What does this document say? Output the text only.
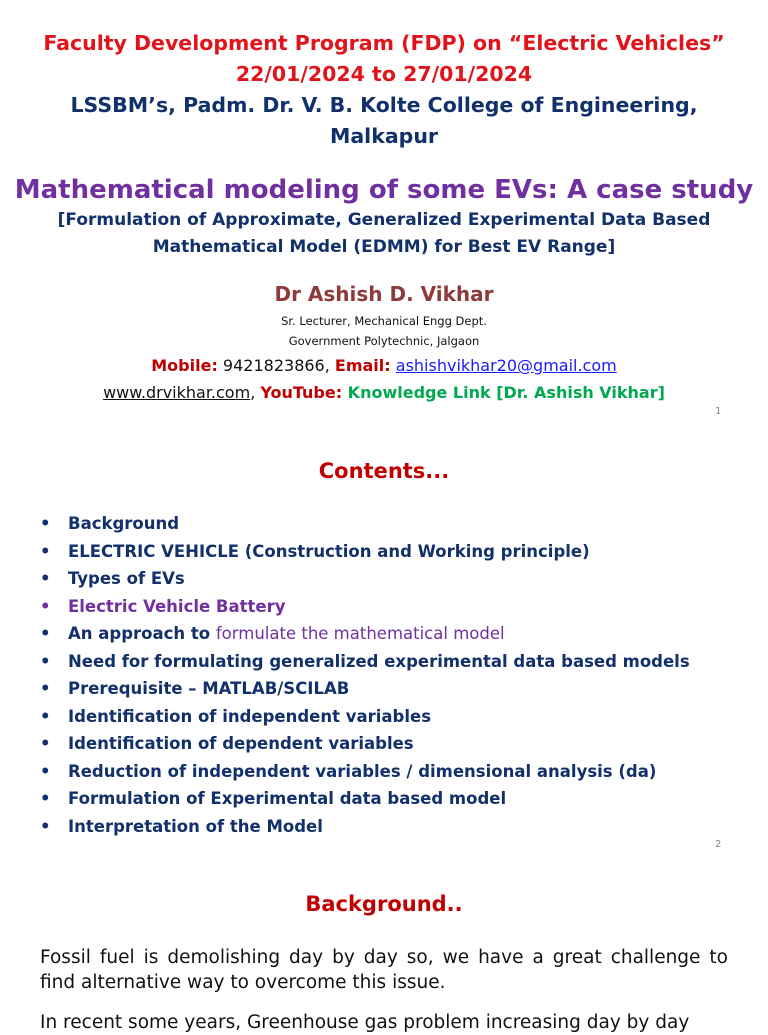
Faculty Development Program (FDP) on “Electric Vehicles”
22/01/2024 to 27/01/2024
LSSBM’s, Padm. Dr. V. B. Kolte College of Engineering,
Malkapur
Mathematical modeling of some EVs: A case study
[Formulation of Approximate, Generalized Experimental Data Based
Mathematical Model (EDMM) for Best EV Range]
Dr Ashish D. Vikhar
Sr. Lecturer, Mechanical Engg Dept.
Government Polytechnic, Jalgaon
Mobile: 9421823866, Email: ashishvikhar20@gmail.com
www.drvikhar.com, YouTube: Knowledge Link [Dr. Ashish Vikhar]
1
Contents...
• Background
• ELECTRIC VEHICLE (Construction and Working principle)
• Types of EVs
• Electric Vehicle Battery
• An approach to formulate the mathematical model
• Need for formulating generalized experimental data based models
• Prerequisite – MATLAB/SCILAB
• Identification of independent variables
• Identification of dependent variables
• Reduction of independent variables / dimensional analysis (da)
• Formulation of Experimental data based model
• Interpretation of the Model
2
Background..
Fossil fuel is demolishing day by day so, we have a great challenge to find alternative way to overcome this issue.
In recent some years, Greenhouse gas problem increasing day by day
